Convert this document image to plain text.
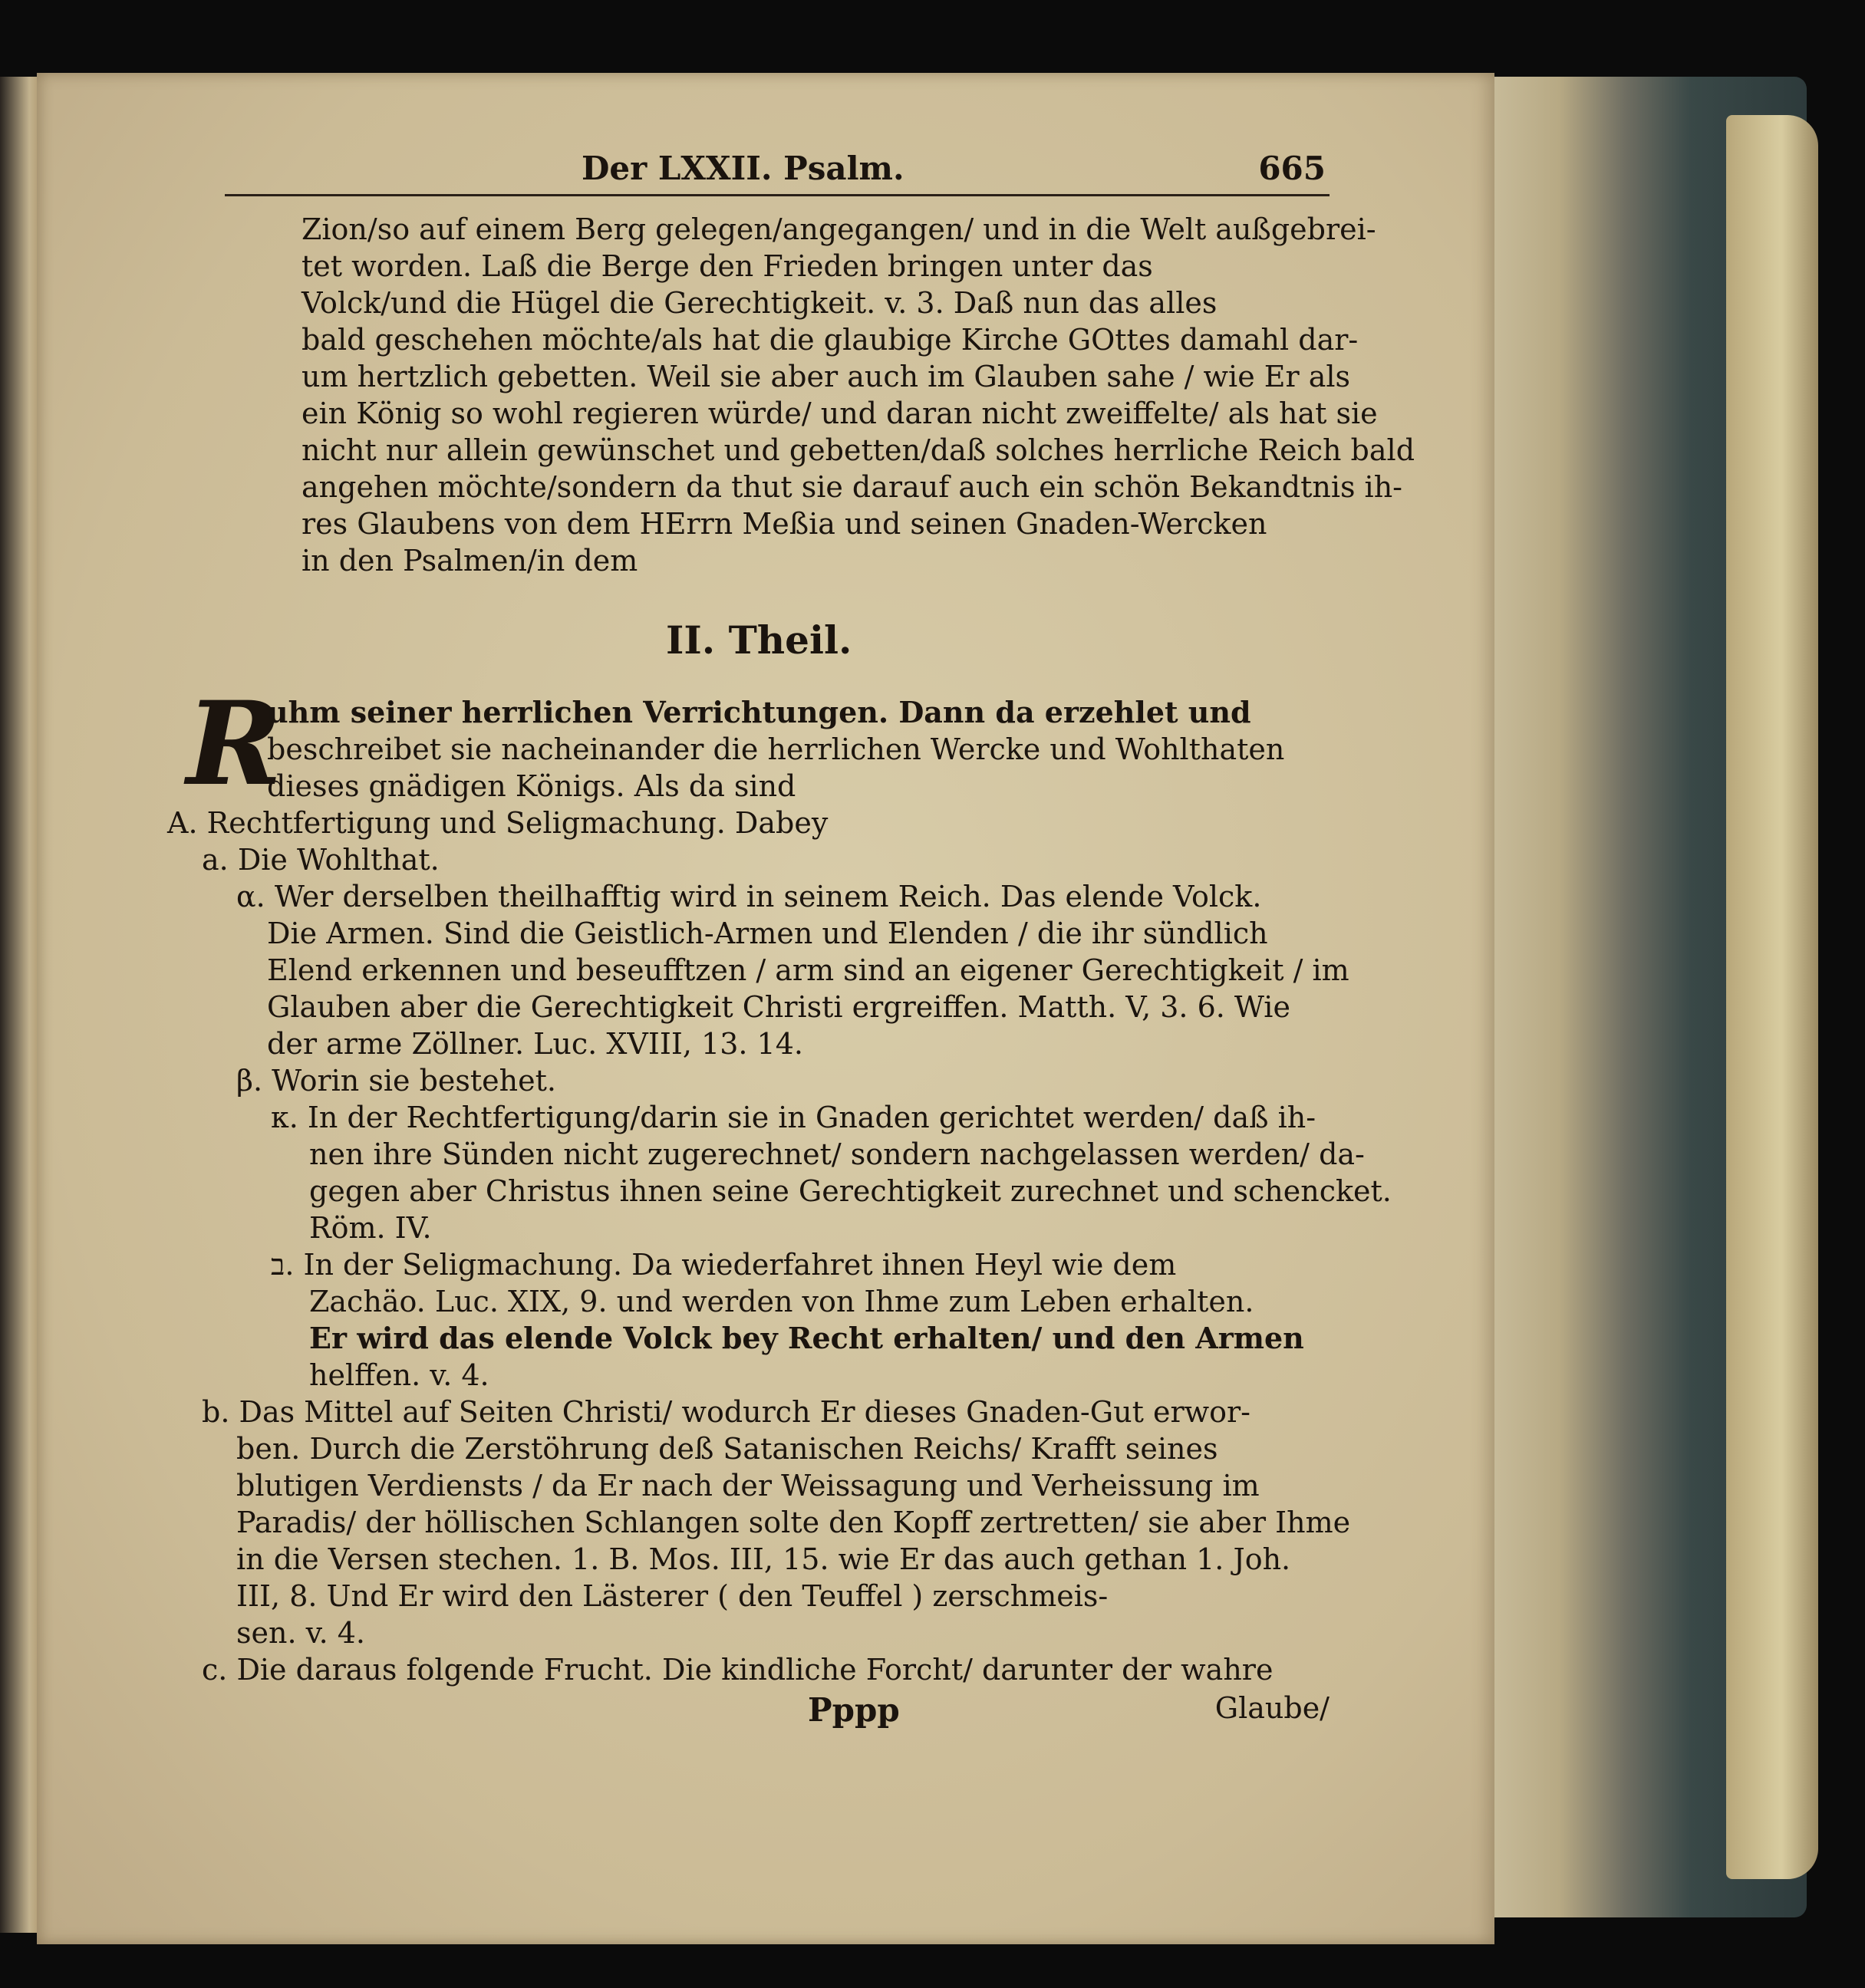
Der LXXII. Psalm.	665
Zion/so auf einem Berg gelegen/angegangen/ und in die Welt außgebrei-
tet worden. Laß die Berge den Frieden bringen unter das
Volck/und die Hügel die Gerechtigkeit. v. 3. Daß nun das alles
bald geschehen möchte/als hat die glaubige Kirche GOttes damahl dar-
um hertzlich gebetten. Weil sie aber auch im Glauben sahe / wie Er als
ein König so wohl regieren würde/ und daran nicht zweiffelte/ als hat sie
nicht nur allein gewünschet und gebetten/daß solches herrliche Reich bald
angehen möchte/sondern da thut sie darauf auch ein schön Bekandtnis ih-
res Glaubens von dem HErrn Meßia und seinen Gnaden-Wercken
in den Psalmen/in dem
II. Theil.
R
uhm seiner herrlichen Verrichtungen. Dann da erzehlet und
beschreibet sie nacheinander die herrlichen Wercke und Wohlthaten
dieses gnädigen Königs. Als da sind
A. Rechtfertigung und Seligmachung. Dabey
a. Die Wohlthat.
α. Wer derselben theilhafftig wird in seinem Reich. Das elende Volck.
Die Armen. Sind die Geistlich-Armen und Elenden / die ihr sündlich
Elend erkennen und beseufftzen / arm sind an eigener Gerechtigkeit / im
Glauben aber die Gerechtigkeit Christi ergreiffen. Matth. V, 3. 6. Wie
der arme Zöllner. Luc. XVIII, 13. 14.
β. Worin sie bestehet.
κ. In der Rechtfertigung/darin sie in Gnaden gerichtet werden/ daß ih-
nen ihre Sünden nicht zugerechnet/ sondern nachgelassen werden/ da-
gegen aber Christus ihnen seine Gerechtigkeit zurechnet und schencket.
Röm. IV.
ב. In der Seligmachung. Da wiederfahret ihnen Heyl wie dem
Zachäo. Luc. XIX, 9. und werden von Ihme zum Leben erhalten.
Er wird das elende Volck bey Recht erhalten/ und den Armen
helffen. v. 4.
b. Das Mittel auf Seiten Christi/ wodurch Er dieses Gnaden-Gut erwor-
ben. Durch die Zerstöhrung deß Satanischen Reichs/ Krafft seines
blutigen Verdiensts / da Er nach der Weissagung und Verheissung im
Paradis/ der höllischen Schlangen solte den Kopff zertretten/ sie aber Ihme
in die Versen stechen. 1. B. Mos. III, 15. wie Er das auch gethan 1. Joh.
III, 8. Und Er wird den Lästerer ( den Teuffel ) zerschmeis-
sen. v. 4.
c. Die daraus folgende Frucht. Die kindliche Forcht/ darunter der wahre
Pppp	Glaube/
